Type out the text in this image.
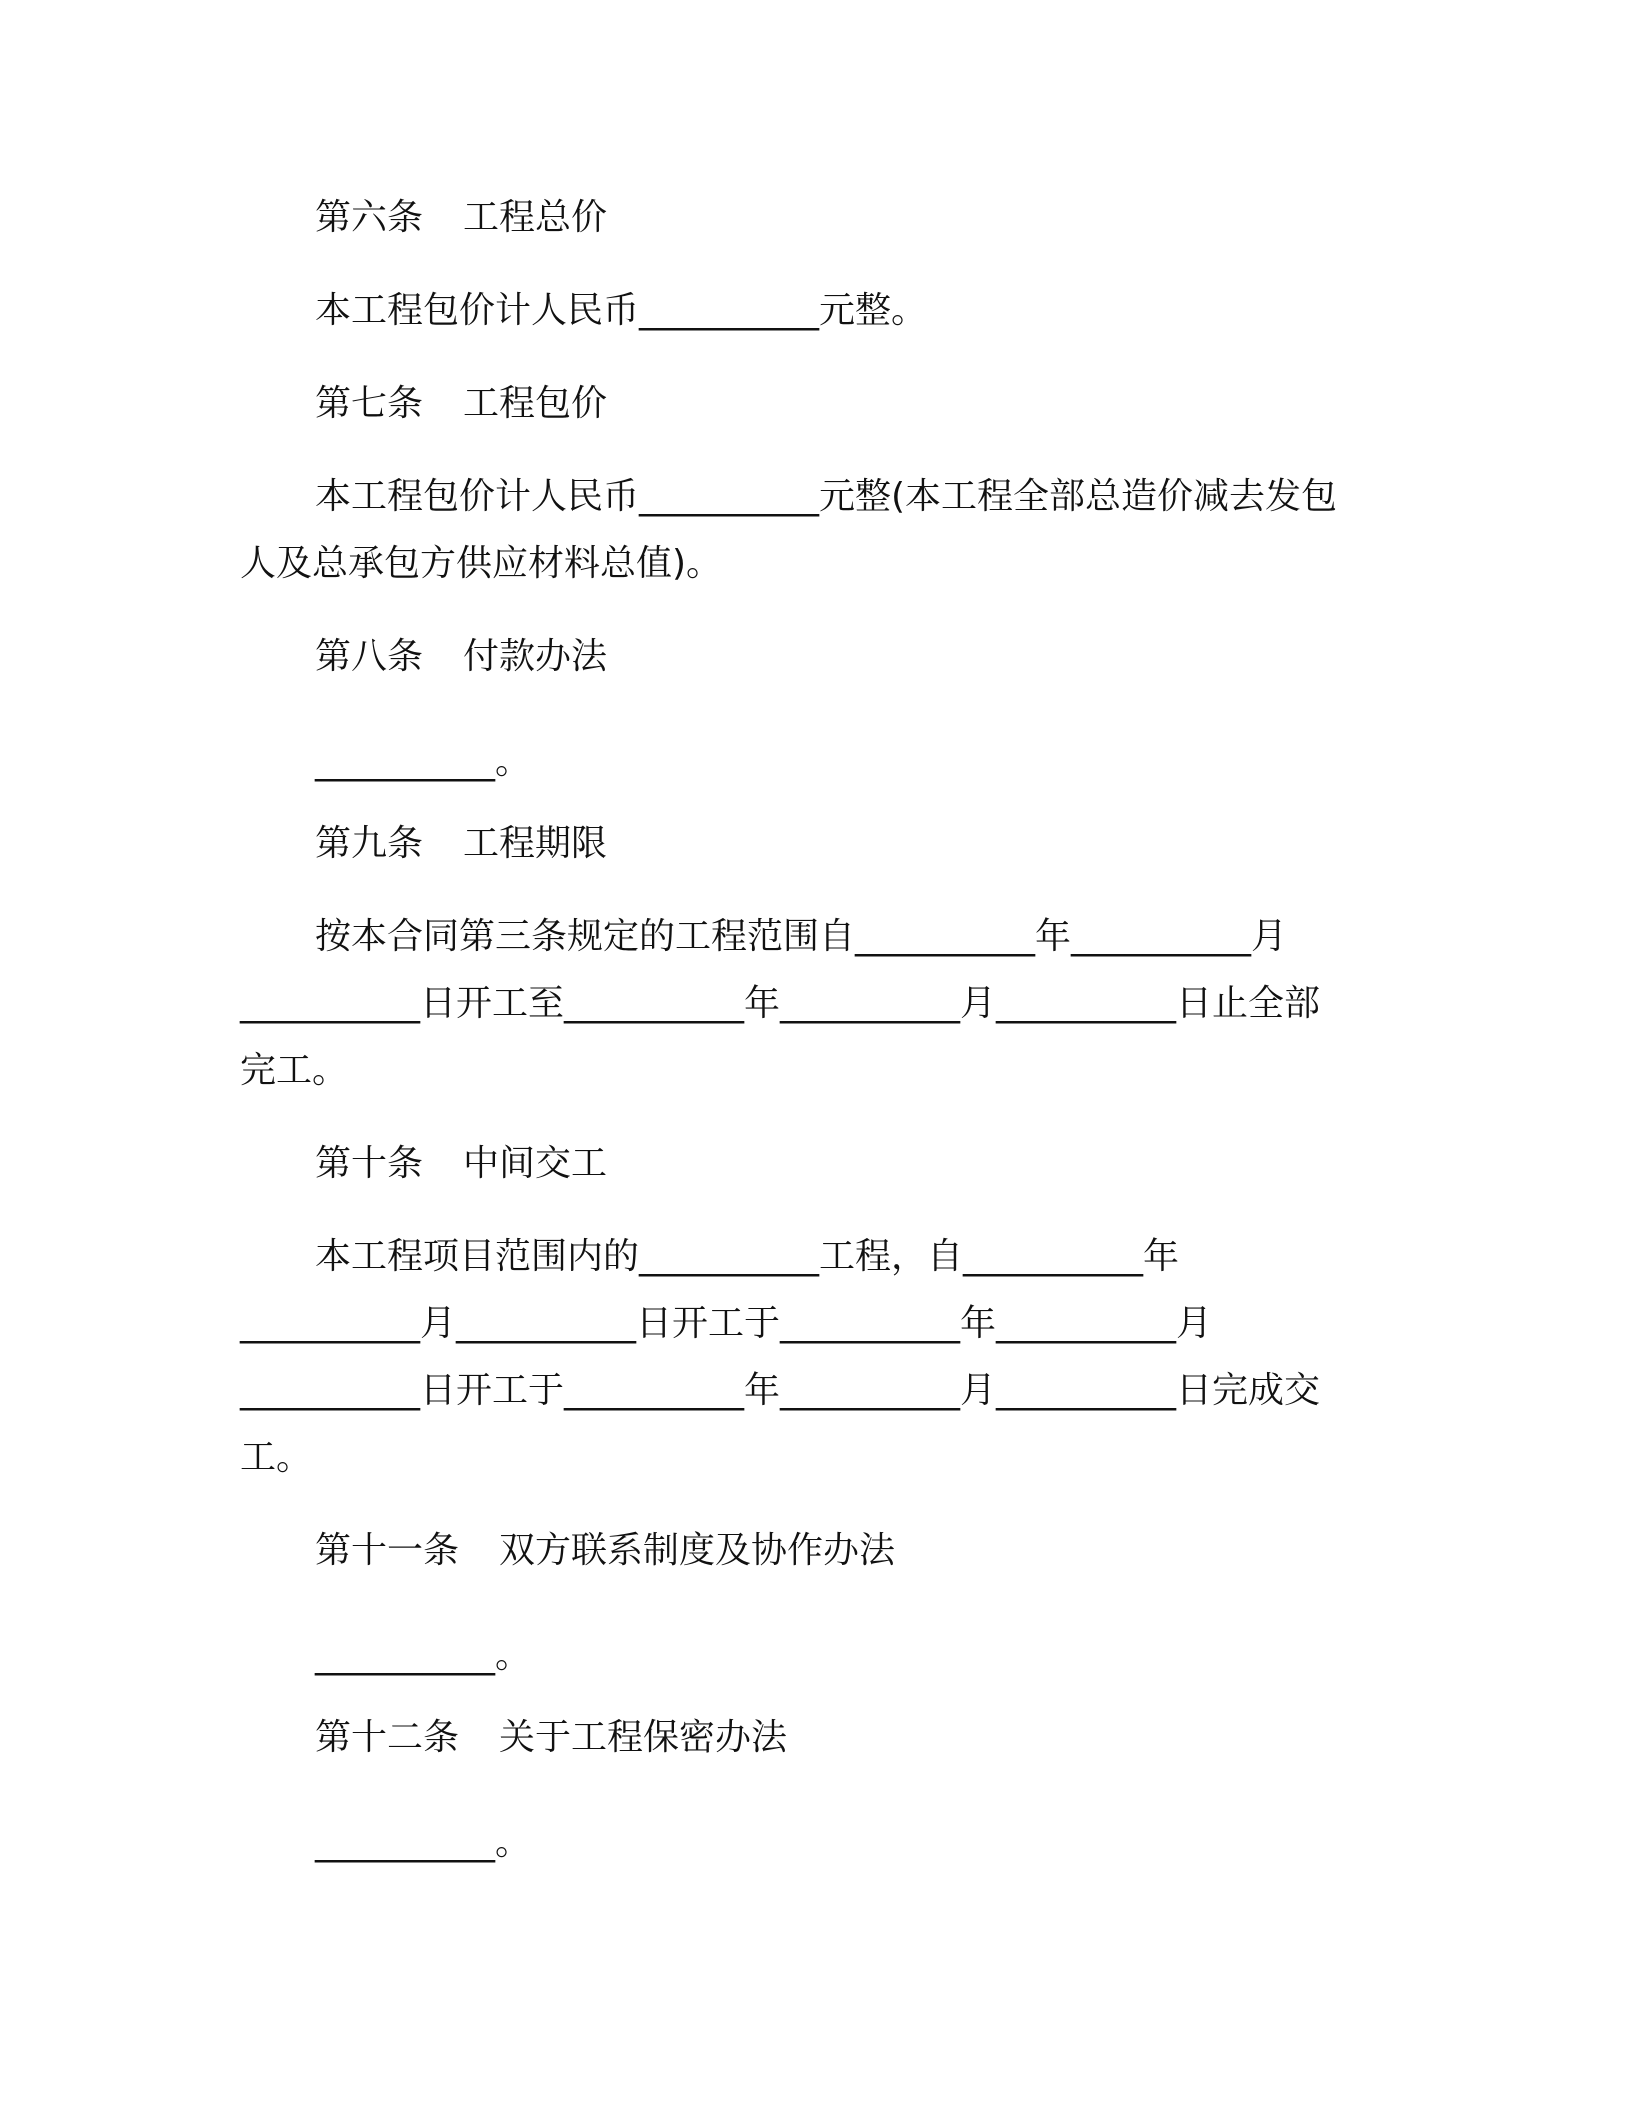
第六条 工程总价
本工程包价计人民币__________元整。
第七条 工程包价
本工程包价计人民币__________元整(本工程全部总造价减去发包
人及总承包方供应材料总值)。
第八条 付款办法
__________。
第九条 工程期限
按本合同第三条规定的工程范围自__________年__________月
__________日开工至__________年__________月__________日止全部
完工。
第十条 中间交工
本工程项目范围内的__________工程，自__________年
__________月__________日开工于__________年__________月
__________日开工于__________年__________月__________日完成交
工。
第十一条 双方联系制度及协作办法
__________。
第十二条 关于工程保密办法
__________。
